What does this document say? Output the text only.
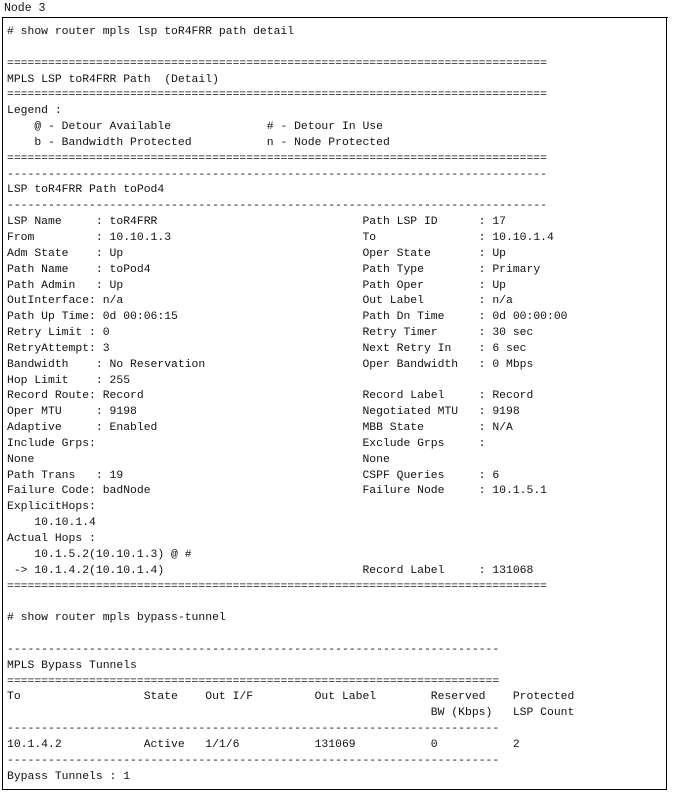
Node 3
# show router mpls lsp toR4FRR path detail
===============================================================================
MPLS LSP toR4FRR Path  (Detail)
===============================================================================
Legend :
@ - Detour Available              # - Detour In Use
b - Bandwidth Protected           n - Node Protected
===============================================================================
-------------------------------------------------------------------------------
LSP toR4FRR Path toPod4
-------------------------------------------------------------------------------
LSP Name     : toR4FRR                              Path LSP ID      : 17
From         : 10.10.1.3                            To               : 10.10.1.4
Adm State    : Up                                   Oper State       : Up
Path Name    : toPod4                               Path Type        : Primary
Path Admin   : Up                                   Path Oper        : Up
OutInterface: n/a                                   Out Label        : n/a
Path Up Time: 0d 00:06:15                           Path Dn Time     : 0d 00:00:00
Retry Limit : 0                                     Retry Timer      : 30 sec
RetryAttempt: 3                                     Next Retry In    : 6 sec
Bandwidth    : No Reservation                       Oper Bandwidth   : 0 Mbps
Hop Limit    : 255
Record Route: Record                                Record Label     : Record
Oper MTU     : 9198                                 Negotiated MTU   : 9198
Adaptive     : Enabled                              MBB State        : N/A
Include Grps:                                       Exclude Grps     :
None                                                None
Path Trans   : 19                                   CSPF Queries     : 6
Failure Code: badNode                               Failure Node     : 10.1.5.1
ExplicitHops:
10.10.1.4
Actual Hops :
10.1.5.2(10.10.1.3) @ #
-> 10.1.4.2(10.10.1.4)                             Record Label     : 131068
===============================================================================
# show router mpls bypass-tunnel
------------------------------------------------------------------------
MPLS Bypass Tunnels
========================================================================
To                  State    Out I/F         Out Label        Reserved    Protected
BW (Kbps)   LSP Count
------------------------------------------------------------------------
10.1.4.2            Active   1/1/6           131069           0           2
------------------------------------------------------------------------
Bypass Tunnels : 1
